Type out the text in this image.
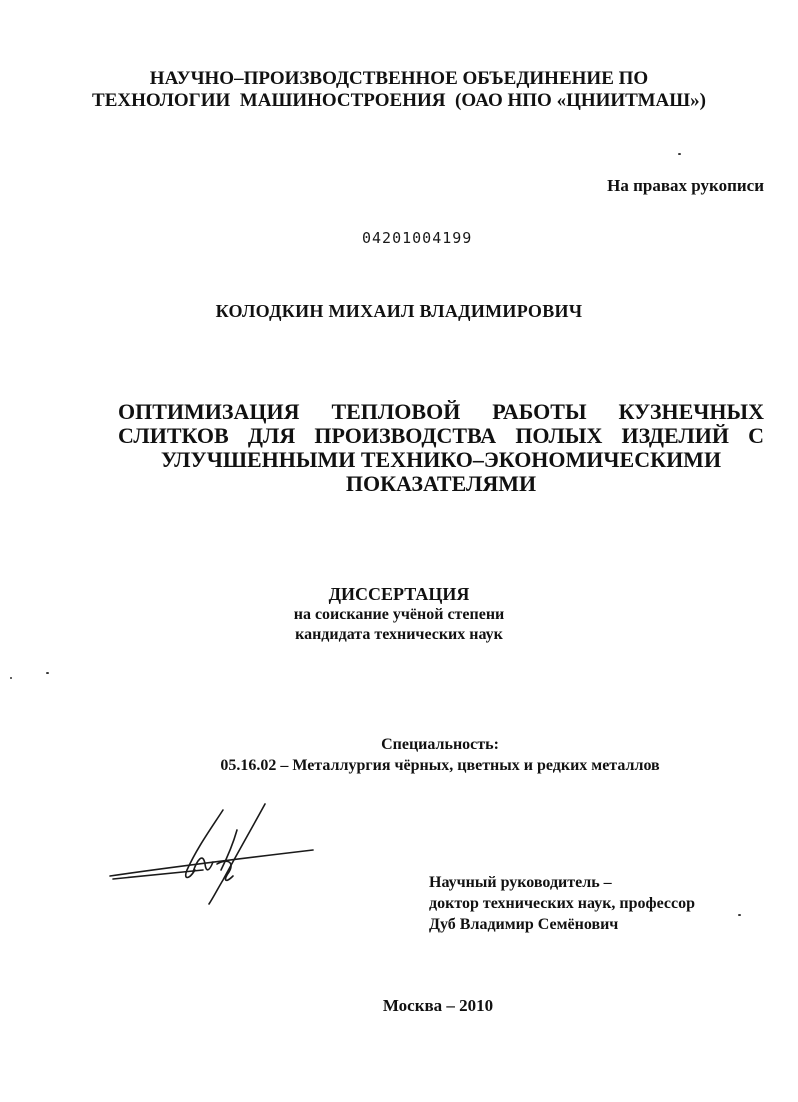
НАУЧНО–ПРОИЗВОДСТВЕННОЕ ОБЪЕДИНЕНИЕ ПО
ТЕХНОЛОГИИ  МАШИНОСТРОЕНИЯ  (ОАО НПО «ЦНИИТМАШ»)
На правах рукописи
04201004199
КОЛОДКИН МИХАИЛ ВЛАДИМИРОВИЧ
ОПТИМИЗАЦИЯ ТЕПЛОВОЙ РАБОТЫ КУЗНЕЧНЫХ
СЛИТКОВ ДЛЯ ПРОИЗВОДСТВА ПОЛЫХ ИЗДЕЛИЙ С
УЛУЧШЕННЫМИ ТЕХНИКО–ЭКОНОМИЧЕСКИМИ
ПОКАЗАТЕЛЯМИ
ДИССЕРТАЦИЯ
на соискание учёной степени
кандидата технических наук
Специальность:
05.16.02 – Металлургия чёрных, цветных и редких металлов
Научный руководитель –
доктор технических наук, профессор
Дуб Владимир Семёнович
Москва – 2010
